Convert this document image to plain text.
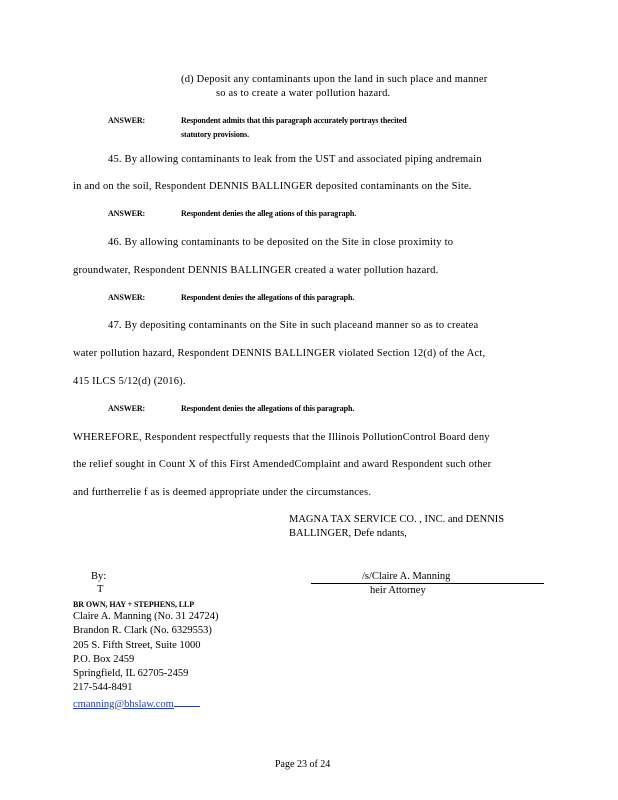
(d) Deposit any contaminants upon the land in such place and manner
so as to create a water pollution hazard.
ANSWER:	Respondent admits that this paragraph accurately portrays thecited
statutory provisions.
45. By allowing contaminants to leak from the UST and associated piping andremain
in and on the soil, Respondent DENNIS BALLINGER deposited contaminants on the Site.
ANSWER:	Respondent denies the alleg ations of this paragraph.
46. By allowing contaminants to be deposited on the Site in close proximity to
groundwater, Respondent DENNIS BALLINGER created a water pollution hazard.
ANSWER:	Respondent denies the allegations of this paragraph.
47. By depositing contaminants on the Site in such placeand manner so as to createa
water pollution hazard, Respondent DENNIS BALLINGER violated Section 12(d) of the Act,
415 ILCS 5/12(d) (2016).
ANSWER:	Respondent denies the allegations of this paragraph.
WHEREFORE, Respondent respectfully requests that the Illinois PollutionControl Board deny
the relief sought in Count X of this First AmendedComplaint and award Respondent such other
and furtherrelie f as is deemed appropriate under the circumstances.
MAGNA TAX SERVICE CO. , INC. and DENNIS
BALLINGER, Defe ndants,
By:
T
/s/Claire A. Manning
heir Attorney
BR OWN, HAY + STEPHENS, LLP
Claire A. Manning (No. 31 24724)
Brandon R. Clark (No. 6329553)
205 S. Fifth Street, Suite 1000
P.O. Box 2459
Springfield, IL 62705-2459
217-544-8491
cmanning@bhslaw.com
Page 23 of 24
